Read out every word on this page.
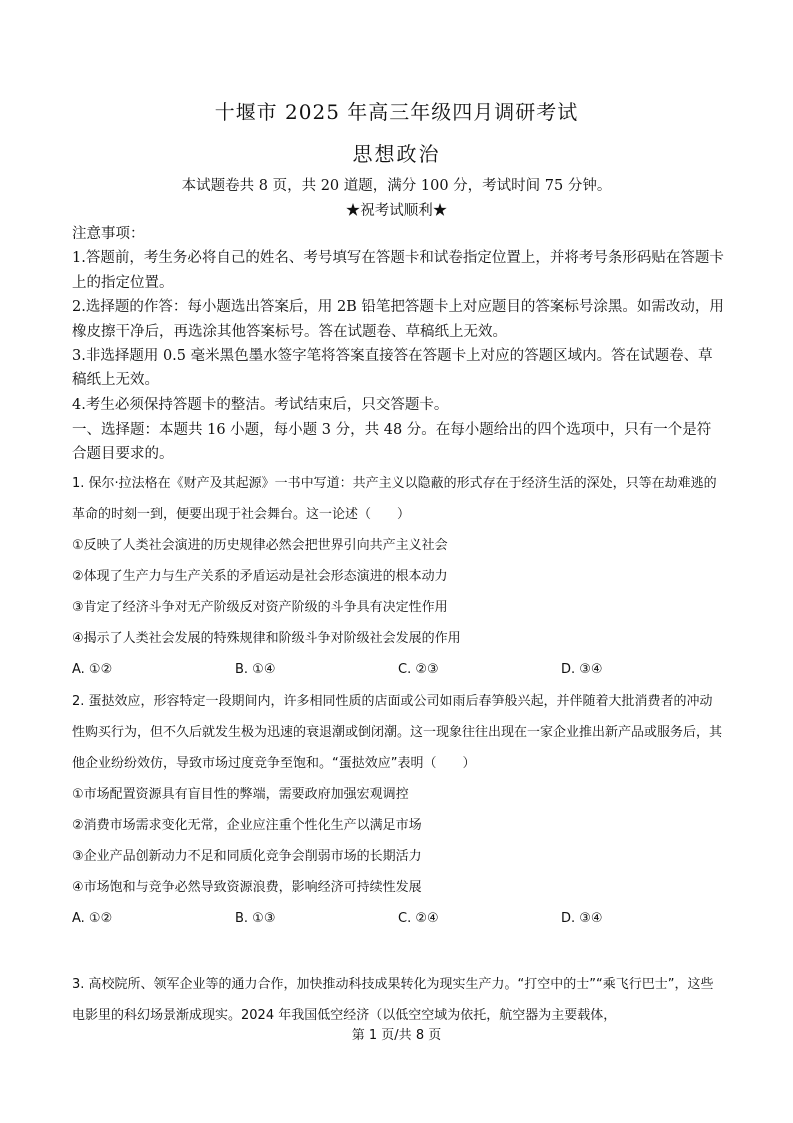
十堰市 2025 年高三年级四月调研考试
思想政治
本试题卷共 8 页，共 20 道题，满分 100 分，考试时间 75 分钟。
★祝考试顺利★

注意事项：

1.答题前，考生务必将自己的姓名、考号填写在答题卡和试卷指定位置上，并将考号条形码贴在答题卡上的指定位置。

2.选择题的作答：每小题选出答案后，用 2B 铅笔把答题卡上对应题目的答案标号涂黑。如需改动，用橡皮擦干净后，再选涂其他答案标号。答在试题卷、草稿纸上无效。

3.非选择题用 0.5 毫米黑色墨水签字笔将答案直接答在答题卡上对应的答题区域内。答在试题卷、草稿纸上无效。

4.考生必须保持答题卡的整洁。考试结束后，只交答题卡。

一、选择题：本题共 16 小题，每小题 3 分，共 48 分。在每小题给出的四个选项中，只有一个是符合题目要求的。

1. 保尔·拉法格在《财产及其起源》一书中写道：共产主义以隐蔽的形式存在于经济生活的深处，只等在劫难逃的革命的时刻一到，便要出现于社会舞台。这一论述（　　）

①反映了人类社会演进的历史规律必然会把世界引向共产主义社会

②体现了生产力与生产关系的矛盾运动是社会形态演进的根本动力

③肯定了经济斗争对无产阶级反对资产阶级的斗争具有决定性作用

④揭示了人类社会发展的特殊规律和阶级斗争对阶级社会发展的作用

A. ①②	B. ①④	C. ②③	D. ③④

2. 蛋挞效应，形容特定一段期间内，许多相同性质的店面或公司如雨后春笋般兴起，并伴随着大批消费者的冲动性购买行为，但不久后就发生极为迅速的衰退潮或倒闭潮。这一现象往往出现在一家企业推出新产品或服务后，其他企业纷纷效仿，导致市场过度竞争至饱和。“蛋挞效应”表明（　　）

①市场配置资源具有盲目性的弊端，需要政府加强宏观调控

②消费市场需求变化无常，企业应注重个性化生产以满足市场

③企业产品创新动力不足和同质化竞争会削弱市场的长期活力

④市场饱和与竞争必然导致资源浪费，影响经济可持续性发展

A. ①②	B. ①③	C. ②④	D. ③④

3. 高校院所、领军企业等的通力合作，加快推动科技成果转化为现实生产力。“打空中的士”“乘飞行巴士”，这些电影里的科幻场景渐成现实。2024 年我国低空经济（以低空空域为依托，航空器为主要载体，

第 1 页/共 8 页
